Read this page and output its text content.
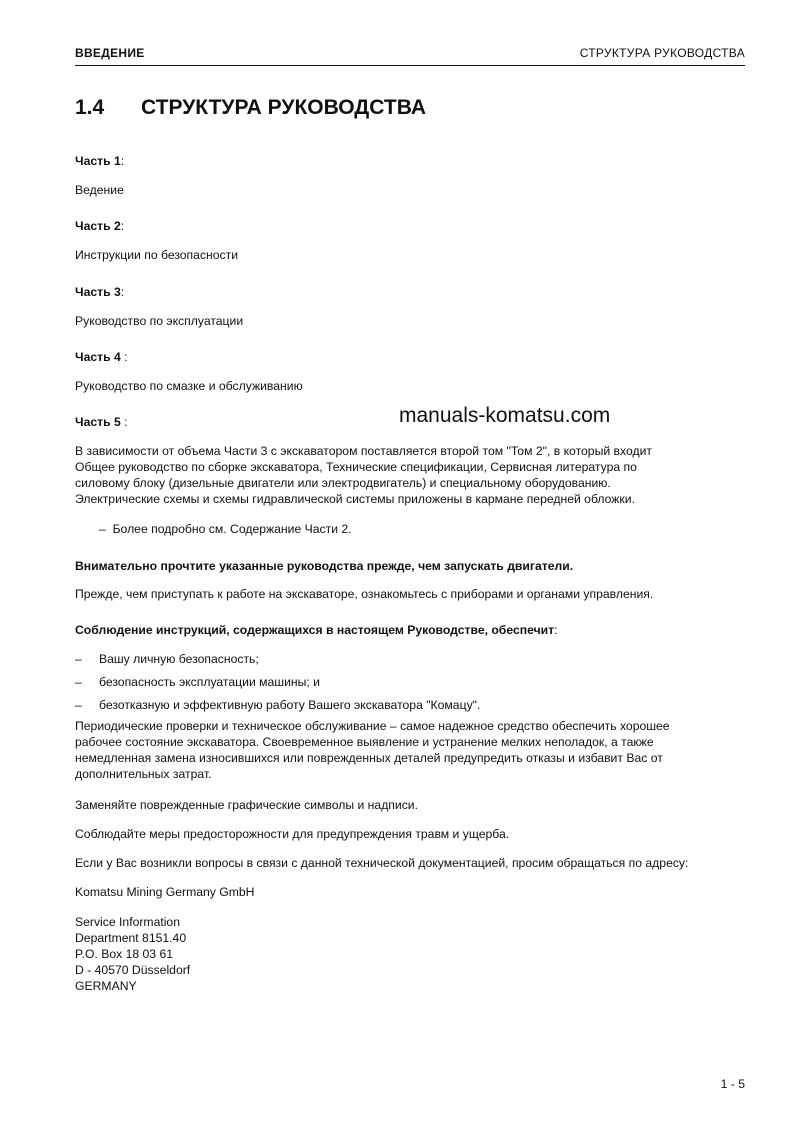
ВВЕДЕНИЕ	СТРУКТУРА РУКОВОДСТВА
1.4 СТРУКТУРА РУКОВОДСТВА
Часть 1:
Ведение
Часть 2:
Инструкции по безопасности
Часть 3:
Руководство по эксплуатации
Часть 4 :
Руководство по смазке и обслуживанию
Часть 5 :	manuals-komatsu.com
В зависимости от объема Части 3 с экскаватором поставляется второй том "Том 2", в который входит
Общее руководство по сборке экскаватора, Технические спецификации, Сервисная литература по
силовому блоку (дизельные двигатели или электродвигатель) и специальному оборудованию.
Электрические схемы и схемы гидравлической системы приложены в кармане передней обложки.
– Более подробно см. Содержание Части 2.
Внимательно прочтите указанные руководства прежде, чем запускать двигатели.
Прежде, чем приступать к работе на экскаваторе, ознакомьтесь с приборами и органами управления.
Соблюдение инструкций, содержащихся в настоящем Руководстве, обеспечит:
– Вашу личную безопасность;
– безопасность эксплуатации машины; и
– безотказную и эффективную работу Вашего экскаватора "Комацу".
Периодические проверки и техническое обслуживание – самое надежное средство обеспечить хорошее
рабочее состояние экскаватора. Своевременное выявление и устранение мелких неполадок, а также
немедленная замена износившихся или поврежденных деталей предупредить отказы и избавит Вас от
дополнительных затрат.
Заменяйте поврежденные графические символы и надписи.
Соблюдайте меры предосторожности для предупреждения травм и ущерба.
Если у Вас возникли вопросы в связи с данной технической документацией, просим обращаться по адресу:
Komatsu Mining Germany GmbH
Service Information
Department 8151.40
P.O. Box 18 03 61
D - 40570 Düsseldorf
GERMANY
1 - 5
